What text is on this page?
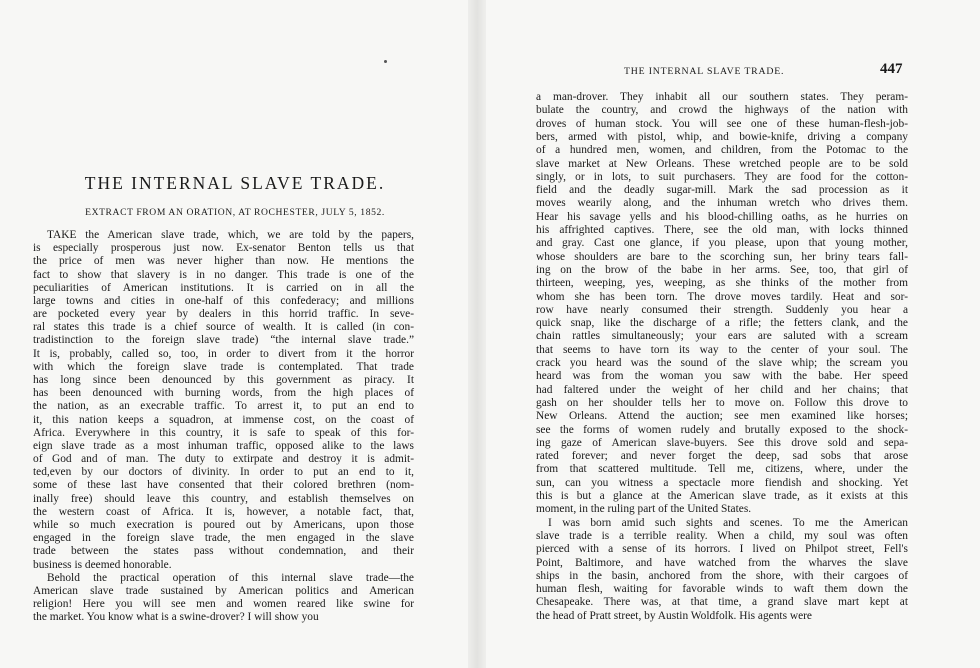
THE INTERNAL SLAVE TRADE.
EXTRACT FROM AN ORATION, AT ROCHESTER, JULY 5, 1852.
TAKE the American slave trade, which, we are told by the papers,
is especially prosperous just now. Ex-senator Benton tells us that
the price of men was never higher than now. He mentions the
fact to show that slavery is in no danger. This trade is one of the
peculiarities of American institutions. It is carried on in all the
large towns and cities in one-half of this confederacy; and millions
are pocketed every year by dealers in this horrid traffic. In seve-
ral states this trade is a chief source of wealth. It is called (in con-
tradistinction to the foreign slave trade) “the internal slave trade.”
It is, probably, called so, too, in order to divert from it the horror
with which the foreign slave trade is contemplated. That trade
has long since been denounced by this government as piracy. It
has been denounced with burning words, from the high places of
the nation, as an execrable traffic. To arrest it, to put an end to
it, this nation keeps a squadron, at immense cost, on the coast of
Africa. Everywhere in this country, it is safe to speak of this for-
eign slave trade as a most inhuman traffic, opposed alike to the laws
of God and of man. The duty to extirpate and destroy it is admit-
ted,even by our doctors of divinity. In order to put an end to it,
some of these last have consented that their colored brethren (nom-
inally free) should leave this country, and establish themselves on
the western coast of Africa. It is, however, a notable fact, that,
while so much execration is poured out by Americans, upon those
engaged in the foreign slave trade, the men engaged in the slave
trade between the states pass without condemnation, and their
business is deemed honorable.
Behold the practical operation of this internal slave trade—the
American slave trade sustained by American politics and American
religion! Here you will see men and women reared like swine for
the market. You know what is a swine-drover? I will show you
THE INTERNAL SLAVE TRADE.	447
a man-drover. They inhabit all our southern states. They peram-
bulate the country, and crowd the highways of the nation with
droves of human stock. You will see one of these human-flesh-job-
bers, armed with pistol, whip, and bowie-knife, driving a company
of a hundred men, women, and children, from the Potomac to the
slave market at New Orleans. These wretched people are to be sold
singly, or in lots, to suit purchasers. They are food for the cotton-
field and the deadly sugar-mill. Mark the sad procession as it
moves wearily along, and the inhuman wretch who drives them.
Hear his savage yells and his blood-chilling oaths, as he hurries on
his affrighted captives. There, see the old man, with locks thinned
and gray. Cast one glance, if you please, upon that young mother,
whose shoulders are bare to the scorching sun, her briny tears fall-
ing on the brow of the babe in her arms. See, too, that girl of
thirteen, weeping, yes, weeping, as she thinks of the mother from
whom she has been torn. The drove moves tardily. Heat and sor-
row have nearly consumed their strength. Suddenly you hear a
quick snap, like the discharge of a rifle; the fetters clank, and the
chain rattles simultaneously; your ears are saluted with a scream
that seems to have torn its way to the center of your soul. The
crack you heard was the sound of the slave whip; the scream you
heard was from the woman you saw with the babe. Her speed
had faltered under the weight of her child and her chains; that
gash on her shoulder tells her to move on. Follow this drove to
New Orleans. Attend the auction; see men examined like horses;
see the forms of women rudely and brutally exposed to the shock-
ing gaze of American slave-buyers. See this drove sold and sepa-
rated forever; and never forget the deep, sad sobs that arose
from that scattered multitude. Tell me, citizens, where, under the
sun, can you witness a spectacle more fiendish and shocking. Yet
this is but a glance at the American slave trade, as it exists at this
moment, in the ruling part of the United States.
I was born amid such sights and scenes. To me the American
slave trade is a terrible reality. When a child, my soul was often
pierced with a sense of its horrors. I lived on Philpot street, Fell's
Point, Baltimore, and have watched from the wharves the slave
ships in the basin, anchored from the shore, with their cargoes of
human flesh, waiting for favorable winds to waft them down the
Chesapeake. There was, at that time, a grand slave mart kept at
the head of Pratt street, by Austin Woldfolk. His agents were
